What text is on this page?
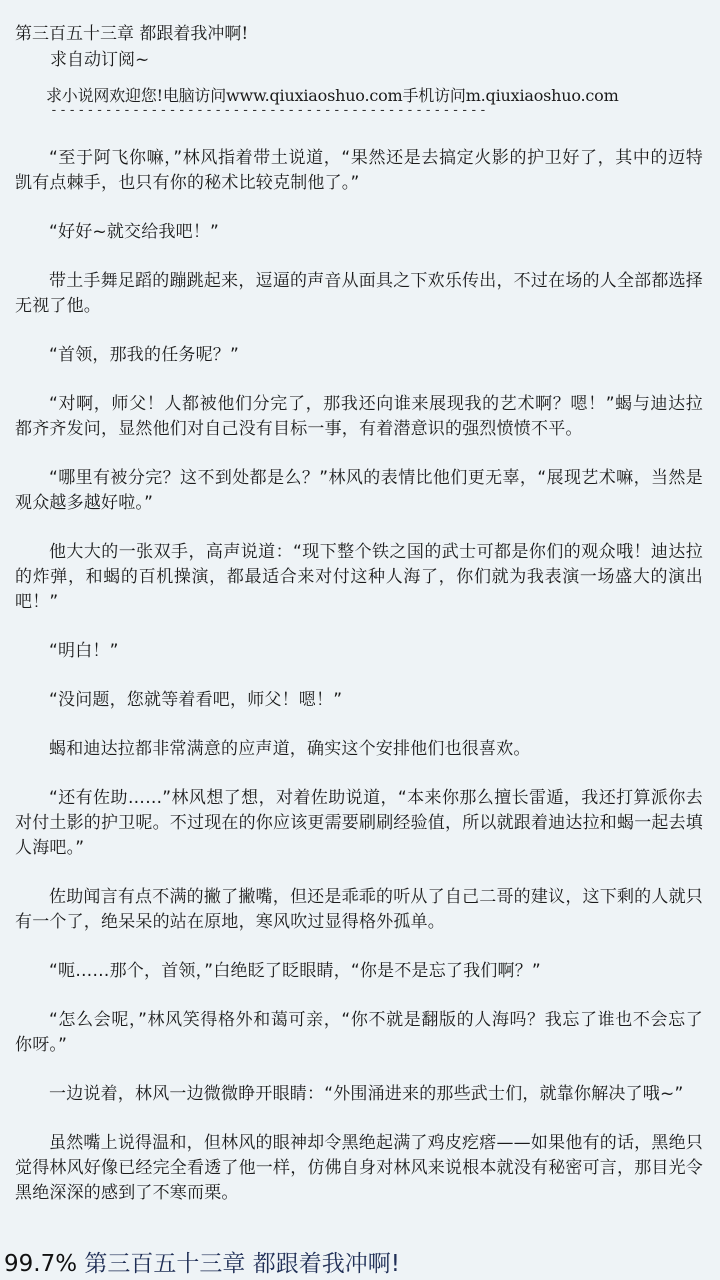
第三百五十三章 都跟着我冲啊!
求自动订阅~
求小说网欢迎您!电脑访问www.qiuxiaoshuo.com手机访问m.qiuxiaoshuo.com
------------------------------------------------

“至于阿飞你嘛，”林风指着带土说道，“果然还是去搞定火影的护卫好了，其中的迈特凯有点棘手，也只有你的秘术比较克制他了。”

“好好~就交给我吧！”

带土手舞足蹈的蹦跳起来，逗逼的声音从面具之下欢乐传出，不过在场的人全部都选择无视了他。

“首领，那我的任务呢？”

“对啊，师父！人都被他们分完了，那我还向谁来展现我的艺术啊？嗯！”蝎与迪达拉都齐齐发问，显然他们对自己没有目标一事，有着潜意识的强烈愤愤不平。

“哪里有被分完？这不到处都是么？”林风的表情比他们更无辜，“展现艺术嘛，当然是观众越多越好啦。”

他大大的一张双手，高声说道：“现下整个铁之国的武士可都是你们的观众哦！迪达拉的炸弹，和蝎的百机操演，都最适合来对付这种人海了，你们就为我表演一场盛大的演出吧！”

“明白！”

“没问题，您就等着看吧，师父！嗯！”

蝎和迪达拉都非常满意的应声道，确实这个安排他们也很喜欢。

“还有佐助……”林风想了想，对着佐助说道，“本来你那么擅长雷遁，我还打算派你去对付土影的护卫呢。不过现在的你应该更需要刷刷经验值，所以就跟着迪达拉和蝎一起去填人海吧。”

佐助闻言有点不满的撇了撇嘴，但还是乖乖的听从了自己二哥的建议，这下剩的人就只有一个了，绝呆呆的站在原地，寒风吹过显得格外孤单。

“呃……那个，首领，”白绝眨了眨眼睛，“你是不是忘了我们啊？”

“怎么会呢，”林风笑得格外和蔼可亲，“你不就是翻版的人海吗？我忘了谁也不会忘了你呀。”

一边说着，林风一边微微睁开眼睛：“外围涌进来的那些武士们，就靠你解决了哦~”

虽然嘴上说得温和，但林风的眼神却令黑绝起满了鸡皮疙瘩——如果他有的话，黑绝只觉得林风好像已经完全看透了他一样，仿佛自身对林风来说根本就没有秘密可言，那目光令黑绝深深的感到了不寒而栗。

99.7% 第三百五十三章 都跟着我冲啊!
